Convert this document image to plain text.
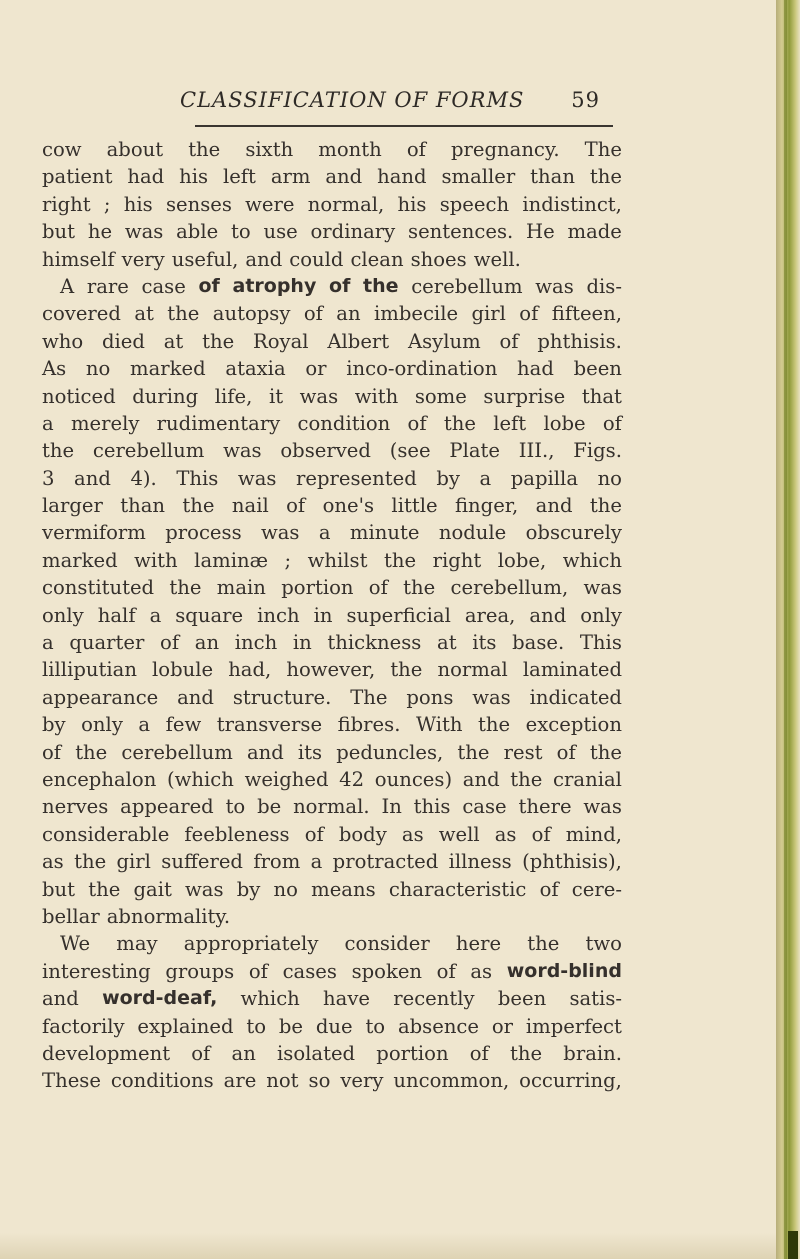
CLASSIFICATION OF FORMS 59
cow about the sixth month of pregnancy. The
patient had his left arm and hand smaller than the
right ; his senses were normal, his speech indistinct,
but he was able to use ordinary sentences. He made
himself very useful, and could clean shoes well.
A rare case of atrophy of the cerebellum was dis-
covered at the autopsy of an imbecile girl of fifteen,
who died at the Royal Albert Asylum of phthisis.
As no marked ataxia or inco-ordination had been
noticed during life, it was with some surprise that
a merely rudimentary condition of the left lobe of
the cerebellum was observed (see Plate III., Figs.
3 and 4). This was represented by a papilla no
larger than the nail of one's little finger, and the
vermiform process was a minute nodule obscurely
marked with laminæ ; whilst the right lobe, which
constituted the main portion of the cerebellum, was
only half a square inch in superficial area, and only
a quarter of an inch in thickness at its base. This
lilliputian lobule had, however, the normal laminated
appearance and structure. The pons was indicated
by only a few transverse fibres. With the exception
of the cerebellum and its peduncles, the rest of the
encephalon (which weighed 42 ounces) and the cranial
nerves appeared to be normal. In this case there was
considerable feebleness of body as well as of mind,
as the girl suffered from a protracted illness (phthisis),
but the gait was by no means characteristic of cere-
bellar abnormality.
We may appropriately consider here the two
interesting groups of cases spoken of as word-blind
and word-deaf, which have recently been satis-
factorily explained to be due to absence or imperfect
development of an isolated portion of the brain.
These conditions are not so very uncommon, occurring,
